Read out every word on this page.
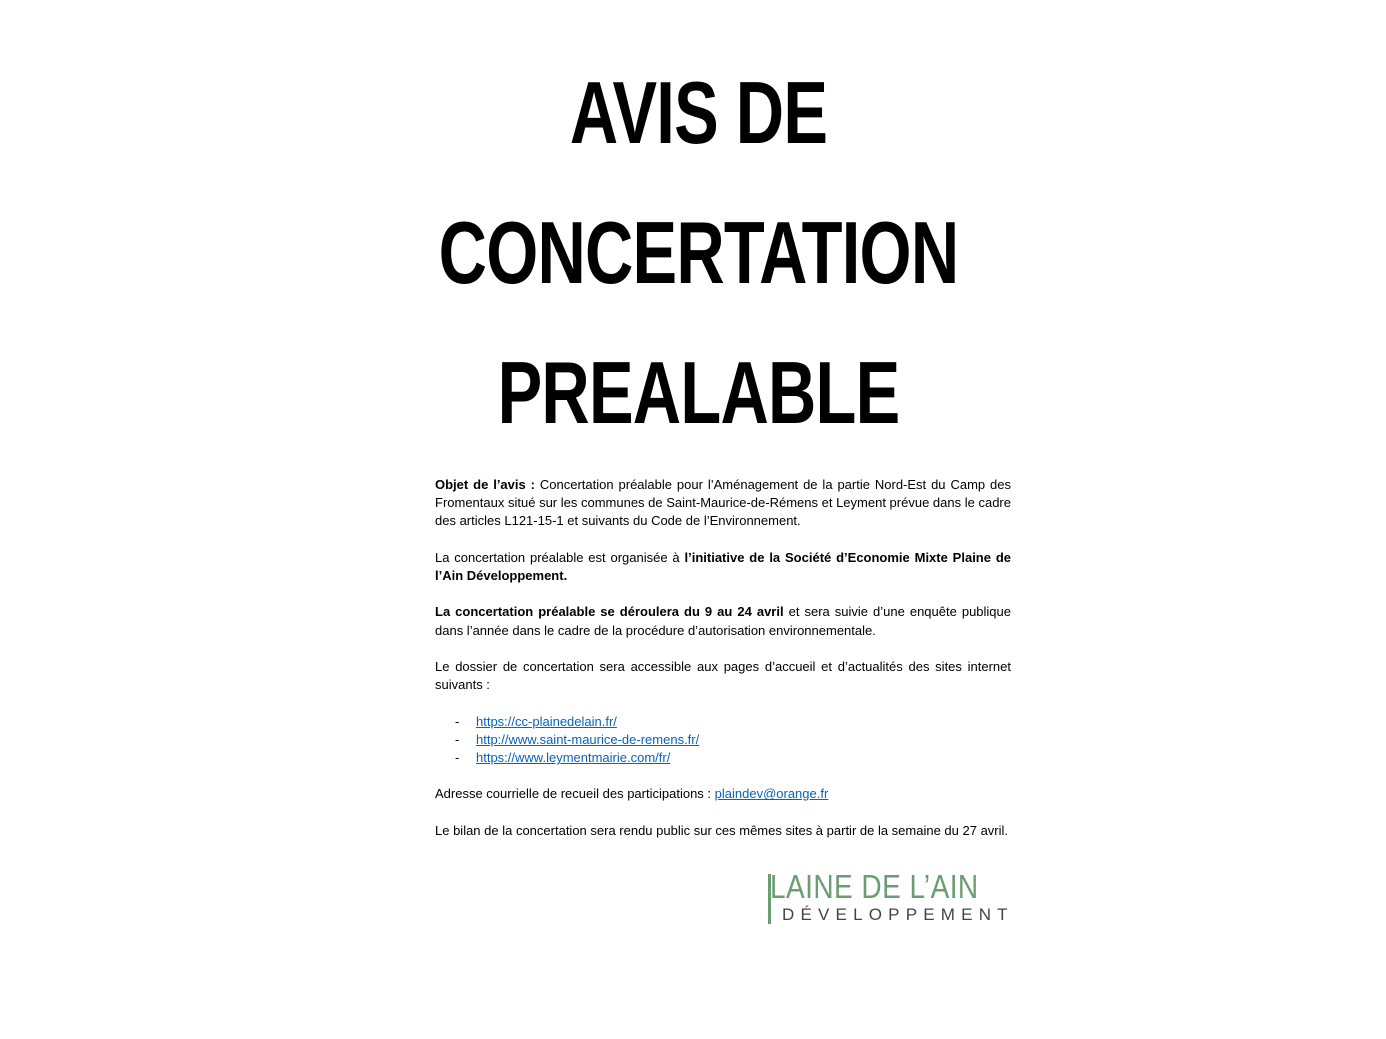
AVIS DE
CONCERTATION
PREALABLE

Objet de l’avis : Concertation préalable pour l’Aménagement de la partie Nord-Est du Camp des Fromentaux situé sur les communes de Saint-Maurice-de-Rémens et Leyment prévue dans le cadre des articles L121-15-1 et suivants du Code de l’Environnement.

La concertation préalable est organisée à l’initiative de la Société d’Economie Mixte Plaine de l’Ain Développement.

La concertation préalable se déroulera du 9 au 24 avril et sera suivie d’une enquête publique dans l’année dans le cadre de la procédure d’autorisation environnementale.

Le dossier de concertation sera accessible aux pages d’accueil et d’actualités des sites internet suivants :

- https://cc-plainedelain.fr/
- http://www.saint-maurice-de-remens.fr/
- https://www.leymentmairie.com/fr/

Adresse courrielle de recueil des participations : plaindev@orange.fr

Le bilan de la concertation sera rendu public sur ces mêmes sites à partir de la semaine du 27 avril.

LAINE DE L’AIN
DÉVELOPPEMENT
